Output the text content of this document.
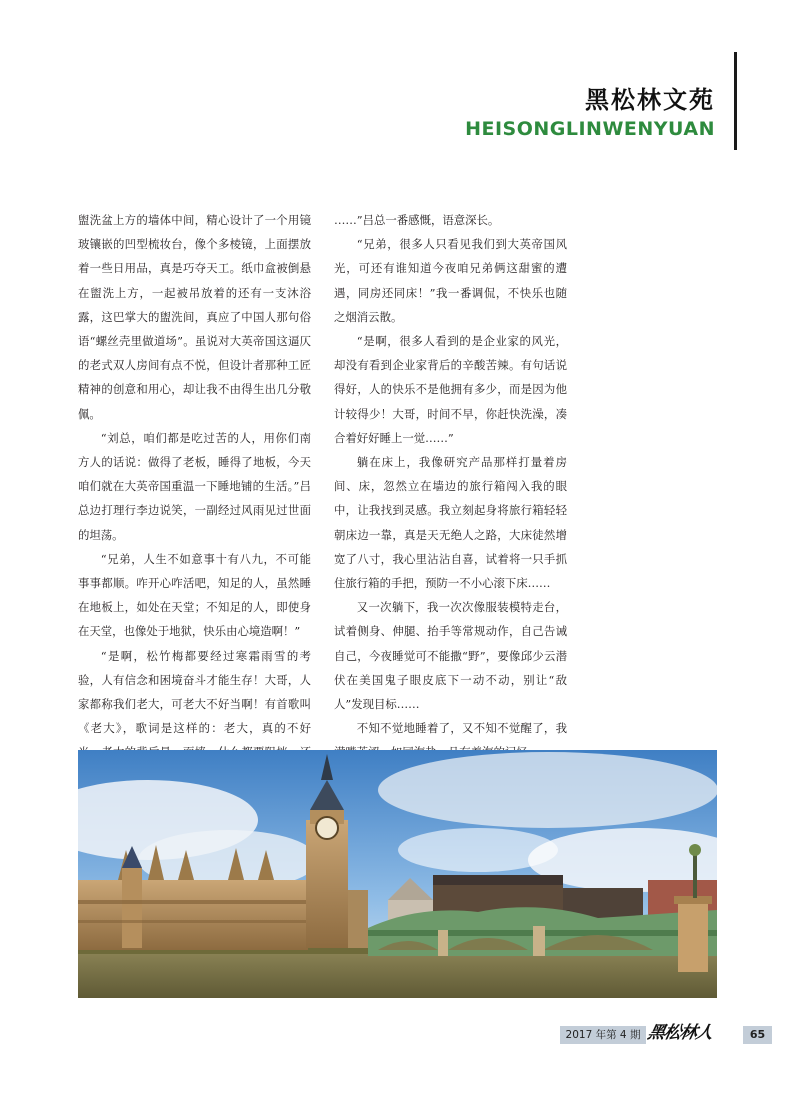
黑松林文苑
HEISONGLINWENYUAN

盥洗盆上方的墙体中间，精心设计了一个用镜玻镶嵌的凹型梳妆台，像个多棱镜，上面摆放着一些日用品，真是巧夺天工。纸巾盒被倒悬在盥洗上方，一起被吊放着的还有一支沐浴露，这巴掌大的盥洗间，真应了中国人那句俗语“螺丝壳里做道场”。虽说对大英帝国这逼仄的老式双人房间有点不悦，但设计者那种工匠精神的创意和用心，却让我不由得生出几分敬佩。

“刘总，咱们都是吃过苦的人，用你们南方人的话说：做得了老板，睡得了地板，今天咱们就在大英帝国重温一下睡地铺的生活。”吕总边打理行李边说笑，一副经过风雨见过世面的坦荡。

“兄弟，人生不如意事十有八九，不可能事事都顺。咋开心咋活吧，知足的人，虽然睡在地板上，如处在天堂；不知足的人，即使身在天堂，也像处于地狱，快乐由心境造啊！”

“是啊，松竹梅都要经过寒霜雨雪的考验，人有信念和困境奋斗才能生存！大哥，人家都称我们老大，可老大不好当啊！有首歌叫《老大》，歌词是这样的：老大，真的不好

……”吕总一番感慨，语意深长。

“兄弟，很多人只看见我们到大英帝国风光，可还有谁知道今夜咱兄弟俩这甜蜜的遭遇，同房还同床！”我一番调侃，不快乐也随之烟消云散。

“是啊，很多人看到的是企业家的风光，却没有看到企业家背后的辛酸苦辣。有句话说得好，人的快乐不是他拥有多少，而是因为他计较得少！大哥，时间不早，你赶快洗澡，凑合着好好睡上一觉……”

躺在床上，我像研究产品那样打量着房间、床，忽然立在墙边的旅行箱闯入我的眼中，让我找到灵感。我立刻起身将旅行箱轻轻朝床边一靠，真是天无绝人之路，大床徒然增宽了八寸，我心里沾沾自喜，试着将一只手抓住旅行箱的手把，预防一不小心滚下床……

又一次躺下，我一次次像服装模特走台，试着侧身、伸腿、抬手等常规动作，自己告诫自己，今夜睡觉可不能撒“野”，要像邱少云潜伏在美国鬼子眼皮底下一动不动，别让“敌人”发现目标……

不知不觉地睡着了，又不知不觉醒了，我

2017 年第 4 期 黑松林人	65
